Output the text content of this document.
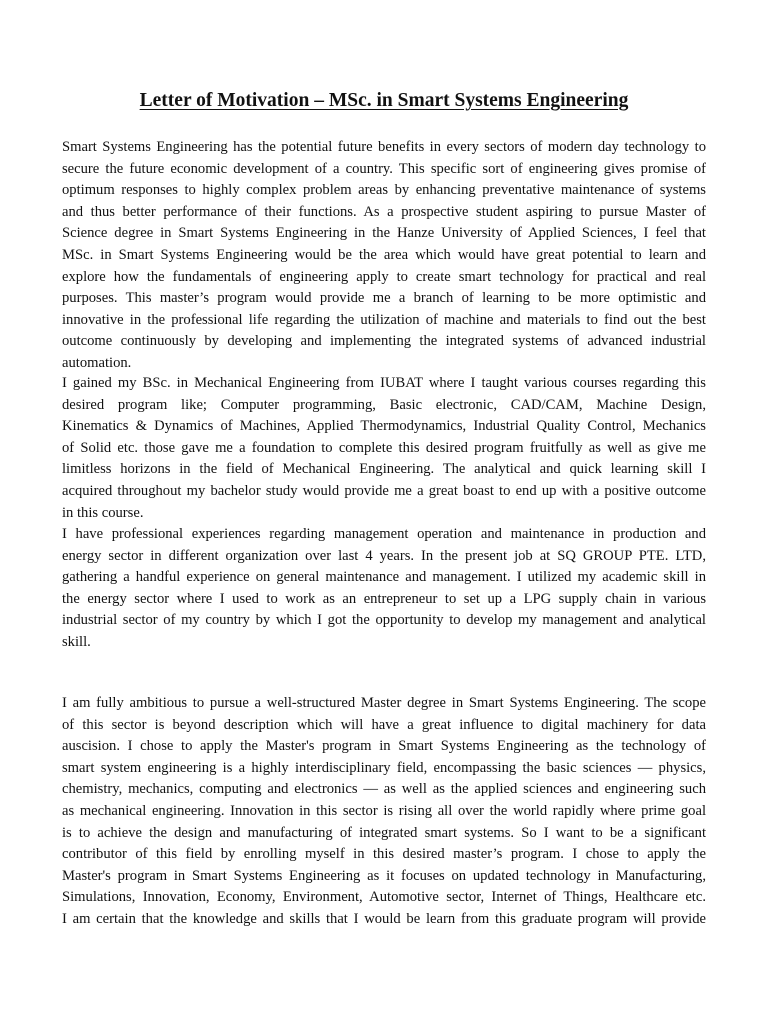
Letter of Motivation – MSc. in Smart Systems Engineering
Smart Systems Engineering has the potential future benefits in every sectors of modern day technology to
secure the future economic development of a country. This specific sort of engineering gives promise of
optimum responses to highly complex problem areas by enhancing preventative maintenance of systems
and thus better performance of their functions. As a prospective student aspiring to pursue Master of
Science degree in Smart Systems Engineering in the Hanze University of Applied Sciences, I feel that
MSc. in Smart Systems Engineering would be the area which would have great potential to learn and
explore how the fundamentals of engineering apply to create smart technology for practical and real
purposes. This master’s program would provide me a branch of learning to be more optimistic and
innovative in the professional life regarding the utilization of machine and materials to find out the best
outcome continuously by developing and implementing the integrated systems of advanced industrial
automation.
I gained my BSc. in Mechanical Engineering from IUBAT where I taught various courses regarding this
desired program like; Computer programming, Basic electronic, CAD/CAM, Machine Design,
Kinematics & Dynamics of Machines, Applied Thermodynamics, Industrial Quality Control, Mechanics
of Solid etc. those gave me a foundation to complete this desired program fruitfully as well as give me
limitless horizons in the field of Mechanical Engineering. The analytical and quick learning skill I
acquired throughout my bachelor study would provide me a great boast to end up with a positive outcome
in this course.
I have professional experiences regarding management operation and maintenance in production and
energy sector in different organization over last 4 years. In the present job at SQ GROUP PTE. LTD,
gathering a handful experience on general maintenance and management. I utilized my academic skill in
the energy sector where I used to work as an entrepreneur to set up a LPG supply chain in various
industrial sector of my country by which I got the opportunity to develop my management and analytical
skill.
I am fully ambitious to pursue a well-structured Master degree in Smart Systems Engineering. The scope
of this sector is beyond description which will have a great influence to digital machinery for data
auscision. I chose to apply the Master's program in Smart Systems Engineering as the technology of
smart system engineering is a highly interdisciplinary field, encompassing the basic sciences — physics,
chemistry, mechanics, computing and electronics — as well as the applied sciences and engineering such
as mechanical engineering. Innovation in this sector is rising all over the world rapidly where prime goal
is to achieve the design and manufacturing of integrated smart systems. So I want to be a significant
contributor of this field by enrolling myself in this desired master’s program. I chose to apply the
Master's program in Smart Systems Engineering as it focuses on updated technology in Manufacturing,
Simulations, Innovation, Economy, Environment, Automotive sector, Internet of Things, Healthcare etc.
I am certain that the knowledge and skills that I would be learn from this graduate program will provide
